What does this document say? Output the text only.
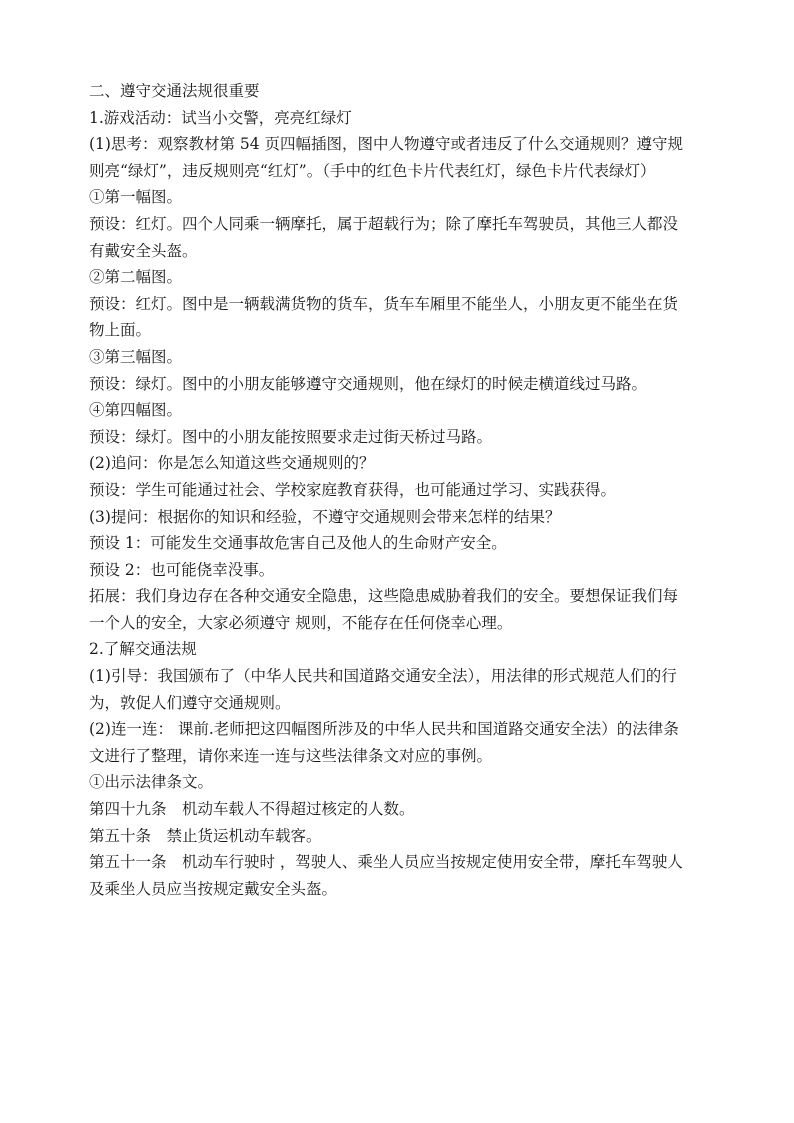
二、遵守交通法规很重要

1.游戏活动：试当小交警，亮亮红绿灯

(1)思考：观察教材第 54 页四幅插图，图中人物遵守或者违反了什么交通规则？遵守规

则亮“绿灯”，违反规则亮“红灯”。（手中的红色卡片代表红灯，绿色卡片代表绿灯）

①第一幅图。

预设：红灯。四个人同乘一辆摩托，属于超载行为；除了摩托车驾驶员，其他三人都没

有戴安全头盔。

②第二幅图。

预设：红灯。图中是一辆载满货物的货车，货车车厢里不能坐人，小朋友更不能坐在货

物上面。

③第三幅图。

预设：绿灯。图中的小朋友能够遵守交通规则，他在绿灯的时候走横道线过马路。

④第四幅图。

预设：绿灯。图中的小朋友能按照要求走过街天桥过马路。

(2)追问：你是怎么知道这些交通规则的？

预设：学生可能通过社会、学校家庭教育获得，也可能通过学习、实践获得。

(3)提问：根据你的知识和经验，不遵守交通规则会带来怎样的结果？

预设 1：可能发生交通事故危害自己及他人的生命财产安全。

预设 2：也可能侥幸没事。

拓展：我们身边存在各种交通安全隐患，这些隐患威胁着我们的安全。要想保证我们每

一个人的安全，大家必须遵守 规则，不能存在任何侥幸心理。

2.了解交通法规

(1)引导：我国颁布了（中华人民共和国道路交通安全法），用法律的形式规范人们的行

为，敦促人们遵守交通规则。

(2)连一连： 课前.老师把这四幅图所涉及的中华人民共和国道路交通安全法）的法律条

文进行了整理，请你来连一连与这些法律条文对应的事例。

①出示法律条文。

第四十九条　机动车载人不得超过核定的人数。

第五十条　禁止货运机动车载客。

第五十一条　机动车行驶时 ，驾驶人、乘坐人员应当按规定使用安全带，摩托车驾驶人

及乘坐人员应当按规定戴安全头盔。
